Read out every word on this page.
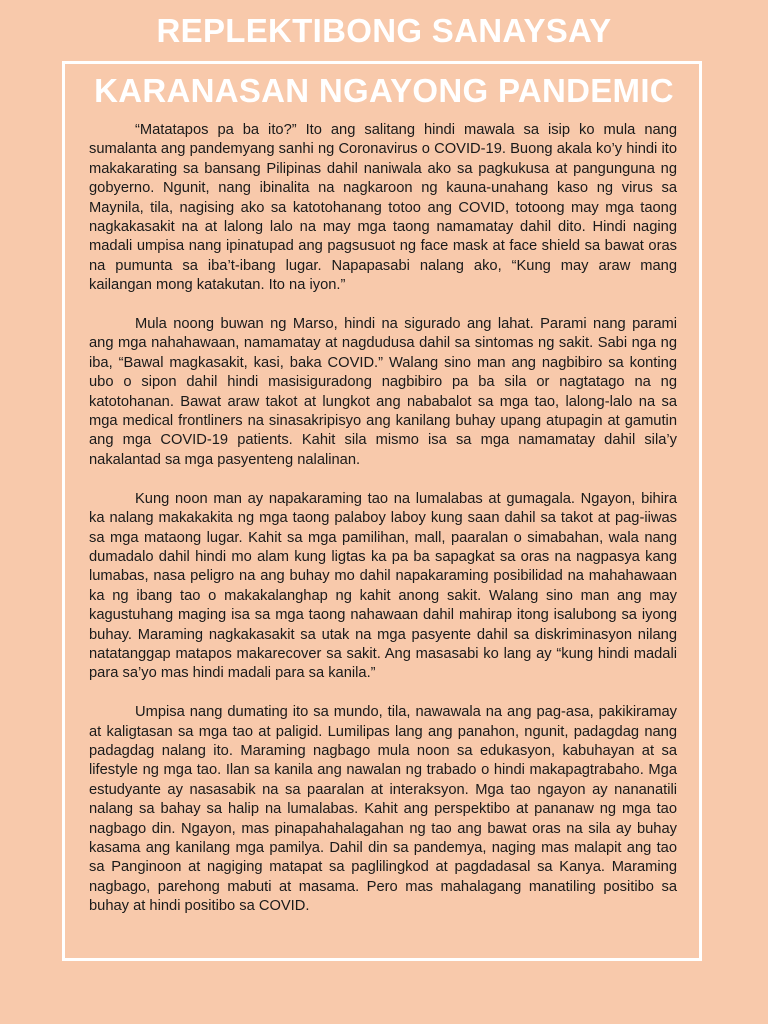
REPLEKTIBONG SANAYSAY
KARANASAN NGAYONG PANDEMIC

“Matatapos pa ba ito?” Ito ang salitang hindi mawala sa isip ko mula nang sumalanta ang pandemyang sanhi ng Coronavirus o COVID-19. Buong akala ko’y hindi ito makakarating sa bansang Pilipinas dahil naniwala ako sa pagkukusa at pangunguna ng gobyerno. Ngunit, nang ibinalita na nagkaroon ng kauna-unahang kaso ng virus sa Maynila, tila, nagising ako sa katotohanang totoo ang COVID, totoong may mga taong nagkakasakit na at lalong lalo na may mga taong namamatay dahil dito. Hindi naging madali umpisa nang ipinatupad ang pagsusuot ng face mask at face shield sa bawat oras na pumunta sa iba’t-ibang lugar. Napapasabi nalang ako, “Kung may araw mang kailangan mong katakutan. Ito na iyon.”

Mula noong buwan ng Marso, hindi na sigurado ang lahat. Parami nang parami ang mga nahahawaan, namamatay at nagdudusa dahil sa sintomas ng sakit. Sabi nga ng iba, “Bawal magkasakit, kasi, baka COVID.” Walang sino man ang nagbibiro sa konting ubo o sipon dahil hindi masisiguradong nagbibiro pa ba sila or nagtatago na ng katotohanan. Bawat araw takot at lungkot ang nababalot sa mga tao, lalong-lalo na sa mga medical frontliners na sinasakripisyo ang kanilang buhay upang atupagin at gamutin ang mga COVID-19 patients. Kahit sila mismo isa sa mga namamatay dahil sila’y nakalantad sa mga pasyenteng nalalinan.

Kung noon man ay napakaraming tao na lumalabas at gumagala. Ngayon, bihira ka nalang makakakita ng mga taong palaboy laboy kung saan dahil sa takot at pag-iiwas sa mga mataong lugar. Kahit sa mga pamilihan, mall, paaralan o simabahan, wala nang dumadalo dahil hindi mo alam kung ligtas ka pa ba sapagkat sa oras na nagpasya kang lumabas, nasa peligro na ang buhay mo dahil napakaraming posibilidad na mahahawaan ka ng ibang tao o makakalanghap ng kahit anong sakit. Walang sino man ang may kagustuhang maging isa sa mga taong nahawaan dahil mahirap itong isalubong sa iyong buhay. Maraming nagkakasakit sa utak na mga pasyente dahil sa diskriminasyon nilang natatanggap matapos makarecover sa sakit. Ang masasabi ko lang ay “kung hindi madali para sa’yo mas hindi madali para sa kanila.”

Umpisa nang dumating ito sa mundo, tila, nawawala na ang pag-asa, pakikiramay at kaligtasan sa mga tao at paligid. Lumilipas lang ang panahon, ngunit, padagdag nang padagdag nalang ito. Maraming nagbago mula noon sa edukasyon, kabuhayan at sa lifestyle ng mga tao. Ilan sa kanila ang nawalan ng trabado o hindi makapagtrabaho. Mga estudyante ay nasasabik na sa paaralan at interaksyon. Mga tao ngayon ay nananatili nalang sa bahay sa halip na lumalabas. Kahit ang perspektibo at pananaw ng mga tao nagbago din. Ngayon, mas pinapahahalagahan ng tao ang bawat oras na sila ay buhay kasama ang kanilang mga pamilya. Dahil din sa pandemya, naging mas malapit ang tao sa Panginoon at nagiging matapat sa paglilingkod at pagdadasal sa Kanya. Maraming nagbago, parehong mabuti at masama. Pero mas mahalagang manatiling positibo sa buhay at hindi positibo sa COVID.
